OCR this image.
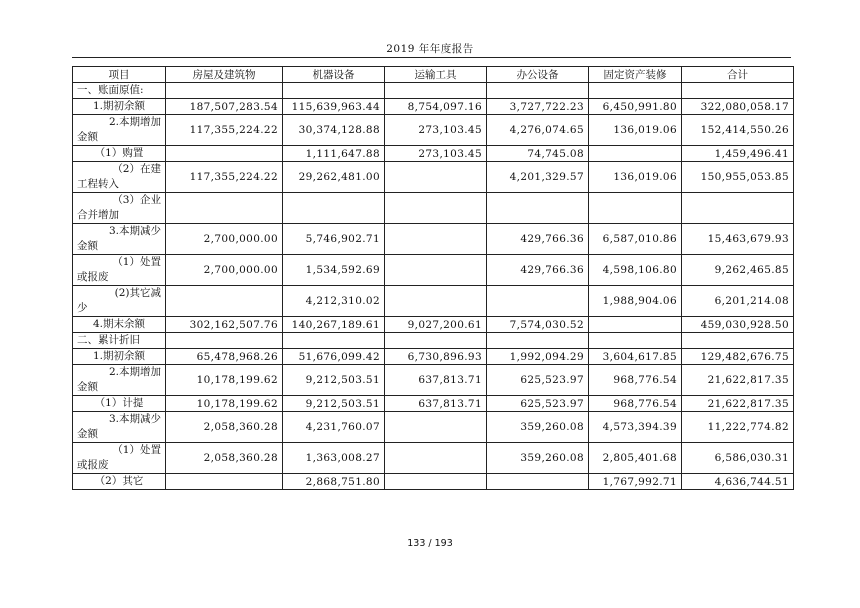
2019 年年度报告
项目	房屋及建筑物	机器设备	运输工具	办公设备	固定资产装修	合计
一、账面原值:						
1.期初余额	187,507,283.54	115,639,963.44	8,754,097.16	3,727,722.23	6,450,991.80	322,080,058.17

2.本期增加
金额	117,355,224.22	30,374,128.88	273,103.45	4,276,074.65	136,019.06	152,414,550.26
（1）购置		1,111,647.88	273,103.45	74,745.08		1,459,496.41

（2）在建
工程转入	117,355,224.22	29,262,481.00		4,201,329.57	136,019.06	150,955,053.85

（3）企业
合并增加						

3.本期减少
金额	2,700,000.00	5,746,902.71		429,766.36	6,587,010.86	15,463,679.93

（1）处置
或报废	2,700,000.00	1,534,592.69		429,766.36	4,598,106.80	9,262,465.85

(2)其它减
少		4,212,310.02			1,988,904.06	6,201,214.08
4.期末余额	302,162,507.76	140,267,189.61	9,027,200.61	7,574,030.52		459,030,928.50
二、累计折旧						
1.期初余额	65,478,968.26	51,676,099.42	6,730,896.93	1,992,094.29	3,604,617.85	129,482,676.75

2.本期增加
金额	10,178,199.62	9,212,503.51	637,813.71	625,523.97	968,776.54	21,622,817.35
（1）计提	10,178,199.62	9,212,503.51	637,813.71	625,523.97	968,776.54	21,622,817.35

3.本期减少
金额	2,058,360.28	4,231,760.07		359,260.08	4,573,394.39	11,222,774.82

（1）处置
或报废	2,058,360.28	1,363,008.27		359,260.08	2,805,401.68	6,586,030.31
（2）其它		2,868,751.80			1,767,992.71	4,636,744.51
133 / 193
